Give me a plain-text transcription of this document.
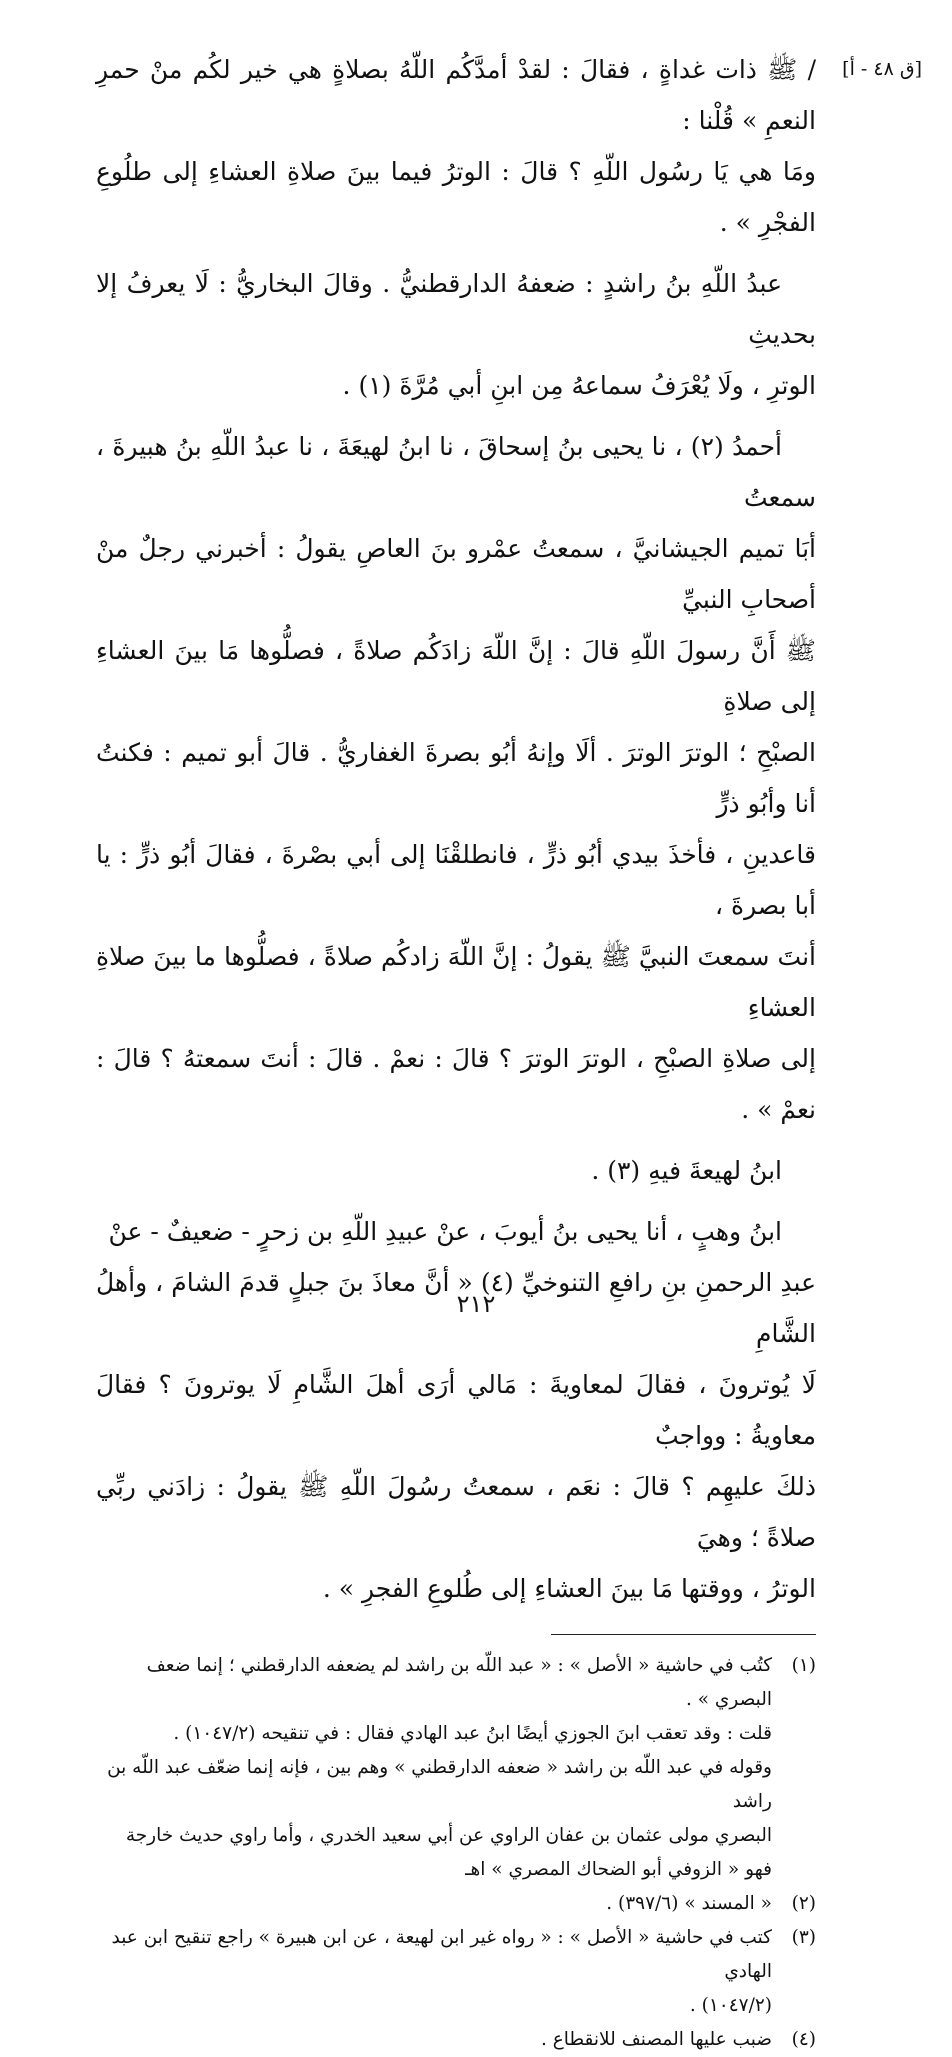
[ق ٤٨ - أ]

/ ﷺ ذات غداةٍ ، فقالَ : لقدْ أمدَّكُم اللّهُ بصلاةٍ هي خير لكُم منْ حمرِ النعمِ » قُلْنا :
ومَا هي يَا رسُول اللّهِ ؟ قالَ : الوترُ فيما بينَ صلاةِ العشاءِ إلى طلُوعِ الفجْرِ » .

عبدُ اللّهِ بنُ راشدٍ : ضعفهُ الدارقطنيُّ . وقالَ البخاريُّ : لَا يعرفُ إلا بحديثِ
الوترِ ، ولَا يُعْرَفُ سماعهُ مِن ابنِ أبي مُرَّةَ (١) .

أحمدُ (٢) ، نا يحيى بنُ إسحاقَ ، نا ابنُ لهيعَةَ ، نا عبدُ اللّهِ بنُ هبيرةَ ، سمعتُ
أبَا تميم الجيشانيَّ ، سمعتُ عمْرو بنَ العاصِ يقولُ : أخبرني رجلٌ منْ أصحابِ النبيِّ
ﷺ أَنَّ رسولَ اللّهِ قالَ : إنَّ اللّهَ زادَكُم صلاةً ، فصلُّوها مَا بينَ العشاءِ إلى صلاةِ
الصبْحِ ؛ الوترَ الوترَ . ألَا وإنهُ أبُو بصرةَ الغفاريُّ . قالَ أبو تميم : فكنتُ أنا وأبُو ذرٍّ
قاعدينِ ، فأخذَ بيدي أبُو ذرٍّ ، فانطلقْنَا إلى أبي بصْرةَ ، فقالَ أبُو ذرٍّ : يا أبا بصرةَ ،
أنتَ سمعتَ النبيَّ ﷺ يقولُ : إنَّ اللّهَ زادكُم صلاةً ، فصلُّوها ما بينَ صلاةِ العشاءِ
إلى صلاةِ الصبْحِ ، الوترَ الوترَ ؟ قالَ : نعمْ . قالَ : أنتَ سمعتهُ ؟ قالَ : نعمْ » .

ابنُ لهيعةَ فيهِ (٣) .

ابنُ وهبٍ ، أنا يحيى بنُ أيوبَ ، عنْ عبيدِ اللّهِ بن زحرٍ - ضعيفٌ - عنْ
عبدِ الرحمنِ بنِ رافعِ التنوخيِّ (٤) « أنَّ معاذَ بنَ جبلٍ قدمَ الشامَ ، وأهلُ الشَّامِ
لَا يُوترونَ ، فقالَ لمعاويةَ : مَالي أرَى أهلَ الشَّامِ لَا يوترونَ ؟ فقالَ معاويةُ : وواجبٌ
ذلكَ عليهِم ؟ قالَ : نعَم ، سمعتُ رسُولَ اللّهِ ﷺ يقولُ : زادَني ربِّي صلاةً ؛ وهيَ
الوترُ ، ووقتها مَا بينَ العشاءِ إلى طُلوعِ الفجرِ » .

(١)
كتُب في حاشية « الأصل » : « عبد اللّه بن راشد لم يضعفه الدارقطني ؛ إنما ضعف البصري » .
قلت : وقد تعقب ابنَ الجوزي أيضًا ابنُ عبد الهادي فقال : في تنقيحه (١٠٤٧/٢) .
وقوله في عبد اللّه بن راشد « ضعفه الدارقطني » وهم بين ، فإنه إنما ضعّف عبد اللّه بن راشد
البصري مولى عثمان بن عفان الراوي عن أبي سعيد الخدري ، وأما راوي حديث خارجة
فهو « الزوفي أبو الضحاك المصري » اهـ
(٢)
« المسند » (٣٩٧/٦) .
(٣)
كتب في حاشية « الأصل » : « رواه غير ابن لهيعة ، عن ابن هبيرة » راجع تنقيح ابن عبد الهادي
(١٠٤٧/٢) .
(٤)
ضبب عليها المصنف للانقطاع .
٢١٢
